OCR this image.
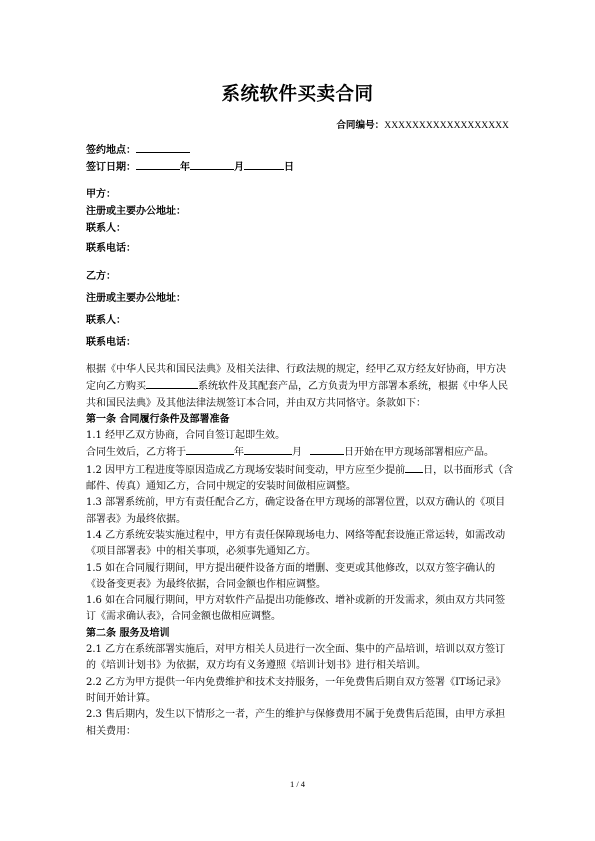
系统软件买卖合同
合同编号：XXXXXXXXXXXXXXXXXX
签约地点：
签订日期：	年	月	日
甲方：
注册或主要办公地址：
联系人：
联系电话：
乙方：
注册或主要办公地址：
联系人：
联系电话：
根据《中华人民共和国民法典》及相关法律、行政法规的规定，经甲乙双方经友好协商，甲方决定向乙方购买	系统软件及其配套产品，乙方负责为甲方部署本系统，根据《中华人民共和国民法典》及其他法律法规签订本合同，并由双方共同恪守。条款如下：
第一条 合同履行条件及部署准备
1.1 经甲乙双方协商，合同自签订起即生效。
合同生效后，乙方将于	年	月	日开始在甲方现场部署相应产品。
1.2 因甲方工程进度等原因造成乙方现场安装时间变动，甲方应至少提前 日，以书面形式（含邮件、传真）通知乙方，合同中规定的安装时间做相应调整。
1.3 部署系统前，甲方有责任配合乙方，确定设备在甲方现场的部署位置，以双方确认的《项目部署表》为最终依据。
1.4 乙方系统安装实施过程中，甲方有责任保障现场电力、网络等配套设施正常运转，如需改动《项目部署表》中的相关事项，必须事先通知乙方。
1.5 如在合同履行期间，甲方提出硬件设备方面的增删、变更或其他修改，以双方签字确认的《设备变更表》为最终依据，合同金额也作相应调整。
1.6 如在合同履行期间，甲方对软件产品提出功能修改、增补或新的开发需求，须由双方共同签订《需求确认表》，合同金额也做相应调整。
第二条 服务及培训
2.1 乙方在系统部署实施后，对甲方相关人员进行一次全面、集中的产品培训，培训以双方签订的《培训计划书》为依据，双方均有义务遵照《培训计划书》进行相关培训。
2.2 乙方为甲方提供一年内免费维护和技术支持服务，一年免费售后期自双方签署《IT场记录》时间开始计算。
2.3 售后期内，发生以下情形之一者，产生的维护与保修费用不属于免费售后范围，由甲方承担相关费用：
1 / 4
